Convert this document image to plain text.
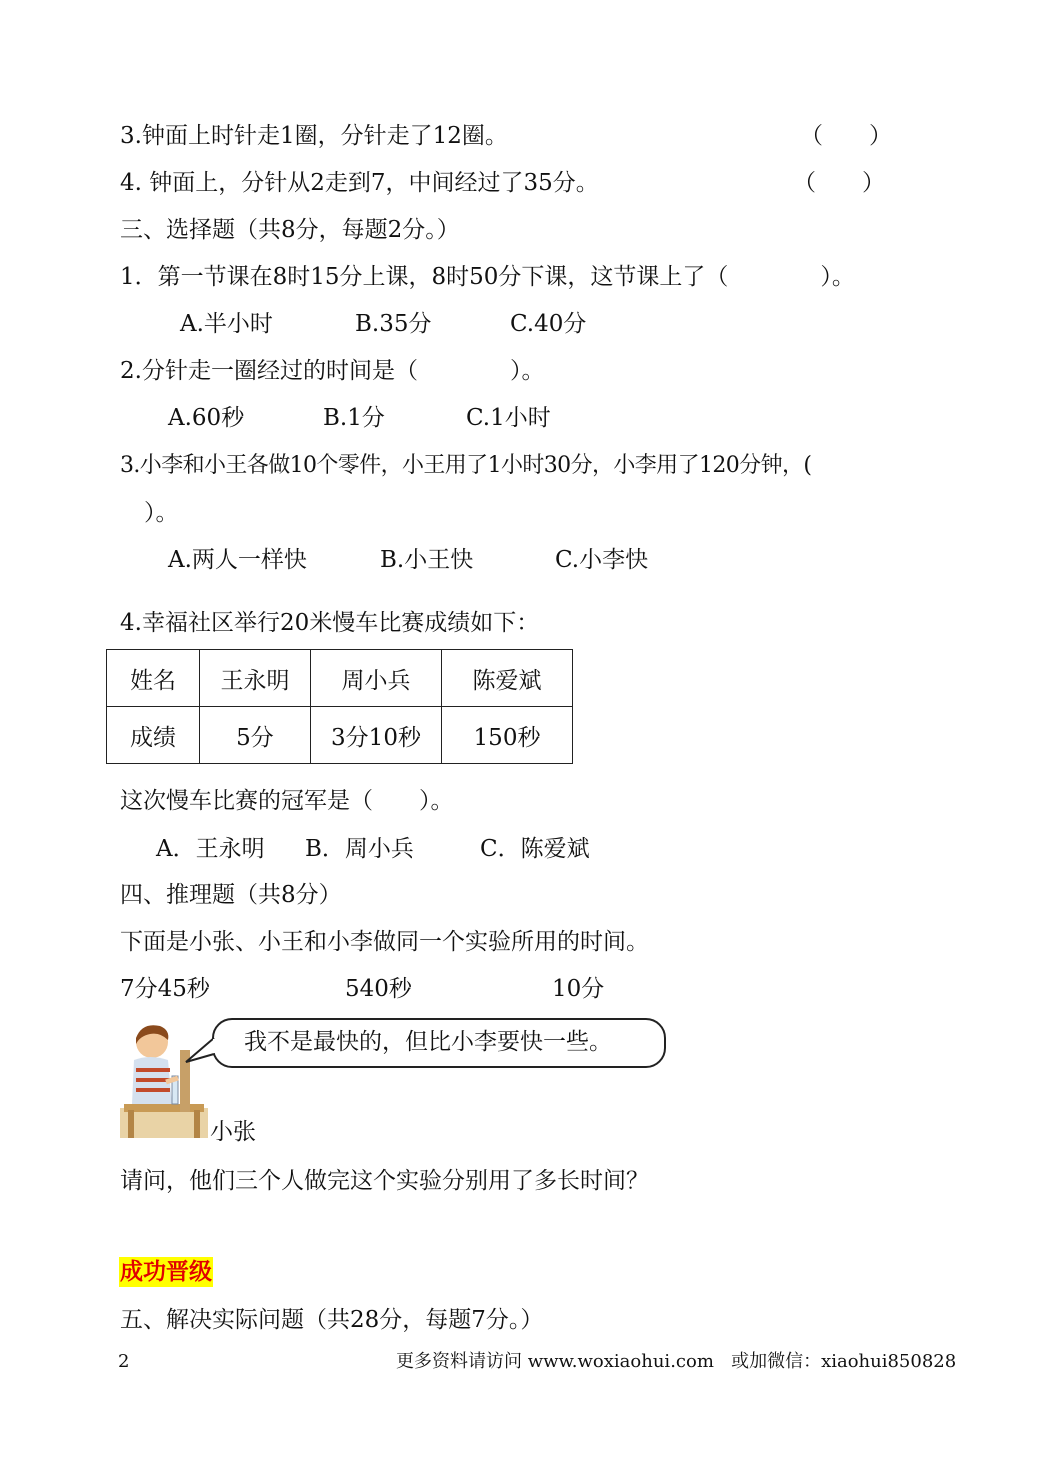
3.钟面上时针走1圈，分针走了12圈。	（　　）
4. 钟面上，分针从2走到7，中间经过了35分。	（　　）
三、选择题（共8分，每题2分。）
1．第一节课在8时15分上课，8时50分下课，这节课上了（　　　　）。
A.半小时	B.35分	C.40分
2.分针走一圈经过的时间是（　　　　）。
A.60秒	B.1分	C.1小时
3.小李和小王各做10个零件，小王用了1小时30分，小李用了120分钟，(
）。
A.两人一样快	B.小王快	C.小李快
4.幸福社区举行20米慢车比赛成绩如下：
姓名	王永明	周小兵	陈爱斌
成绩	5分	3分10秒	150秒
这次慢车比赛的冠军是（　　）。
A．王永明 B．周小兵	C．陈爱斌
四、推理题（共8分）
下面是小张、小王和小李做同一个实验所用的时间。
7分45秒	540秒	10分
我不是最快的，但比小李要快一些。
小张
请问，他们三个人做完这个实验分别用了多长时间？
成功晋级
五、解决实际问题（共28分，每题7分。）
2	更多资料请访问 www.woxiaohui.com   或加微信：xiaohui850828
